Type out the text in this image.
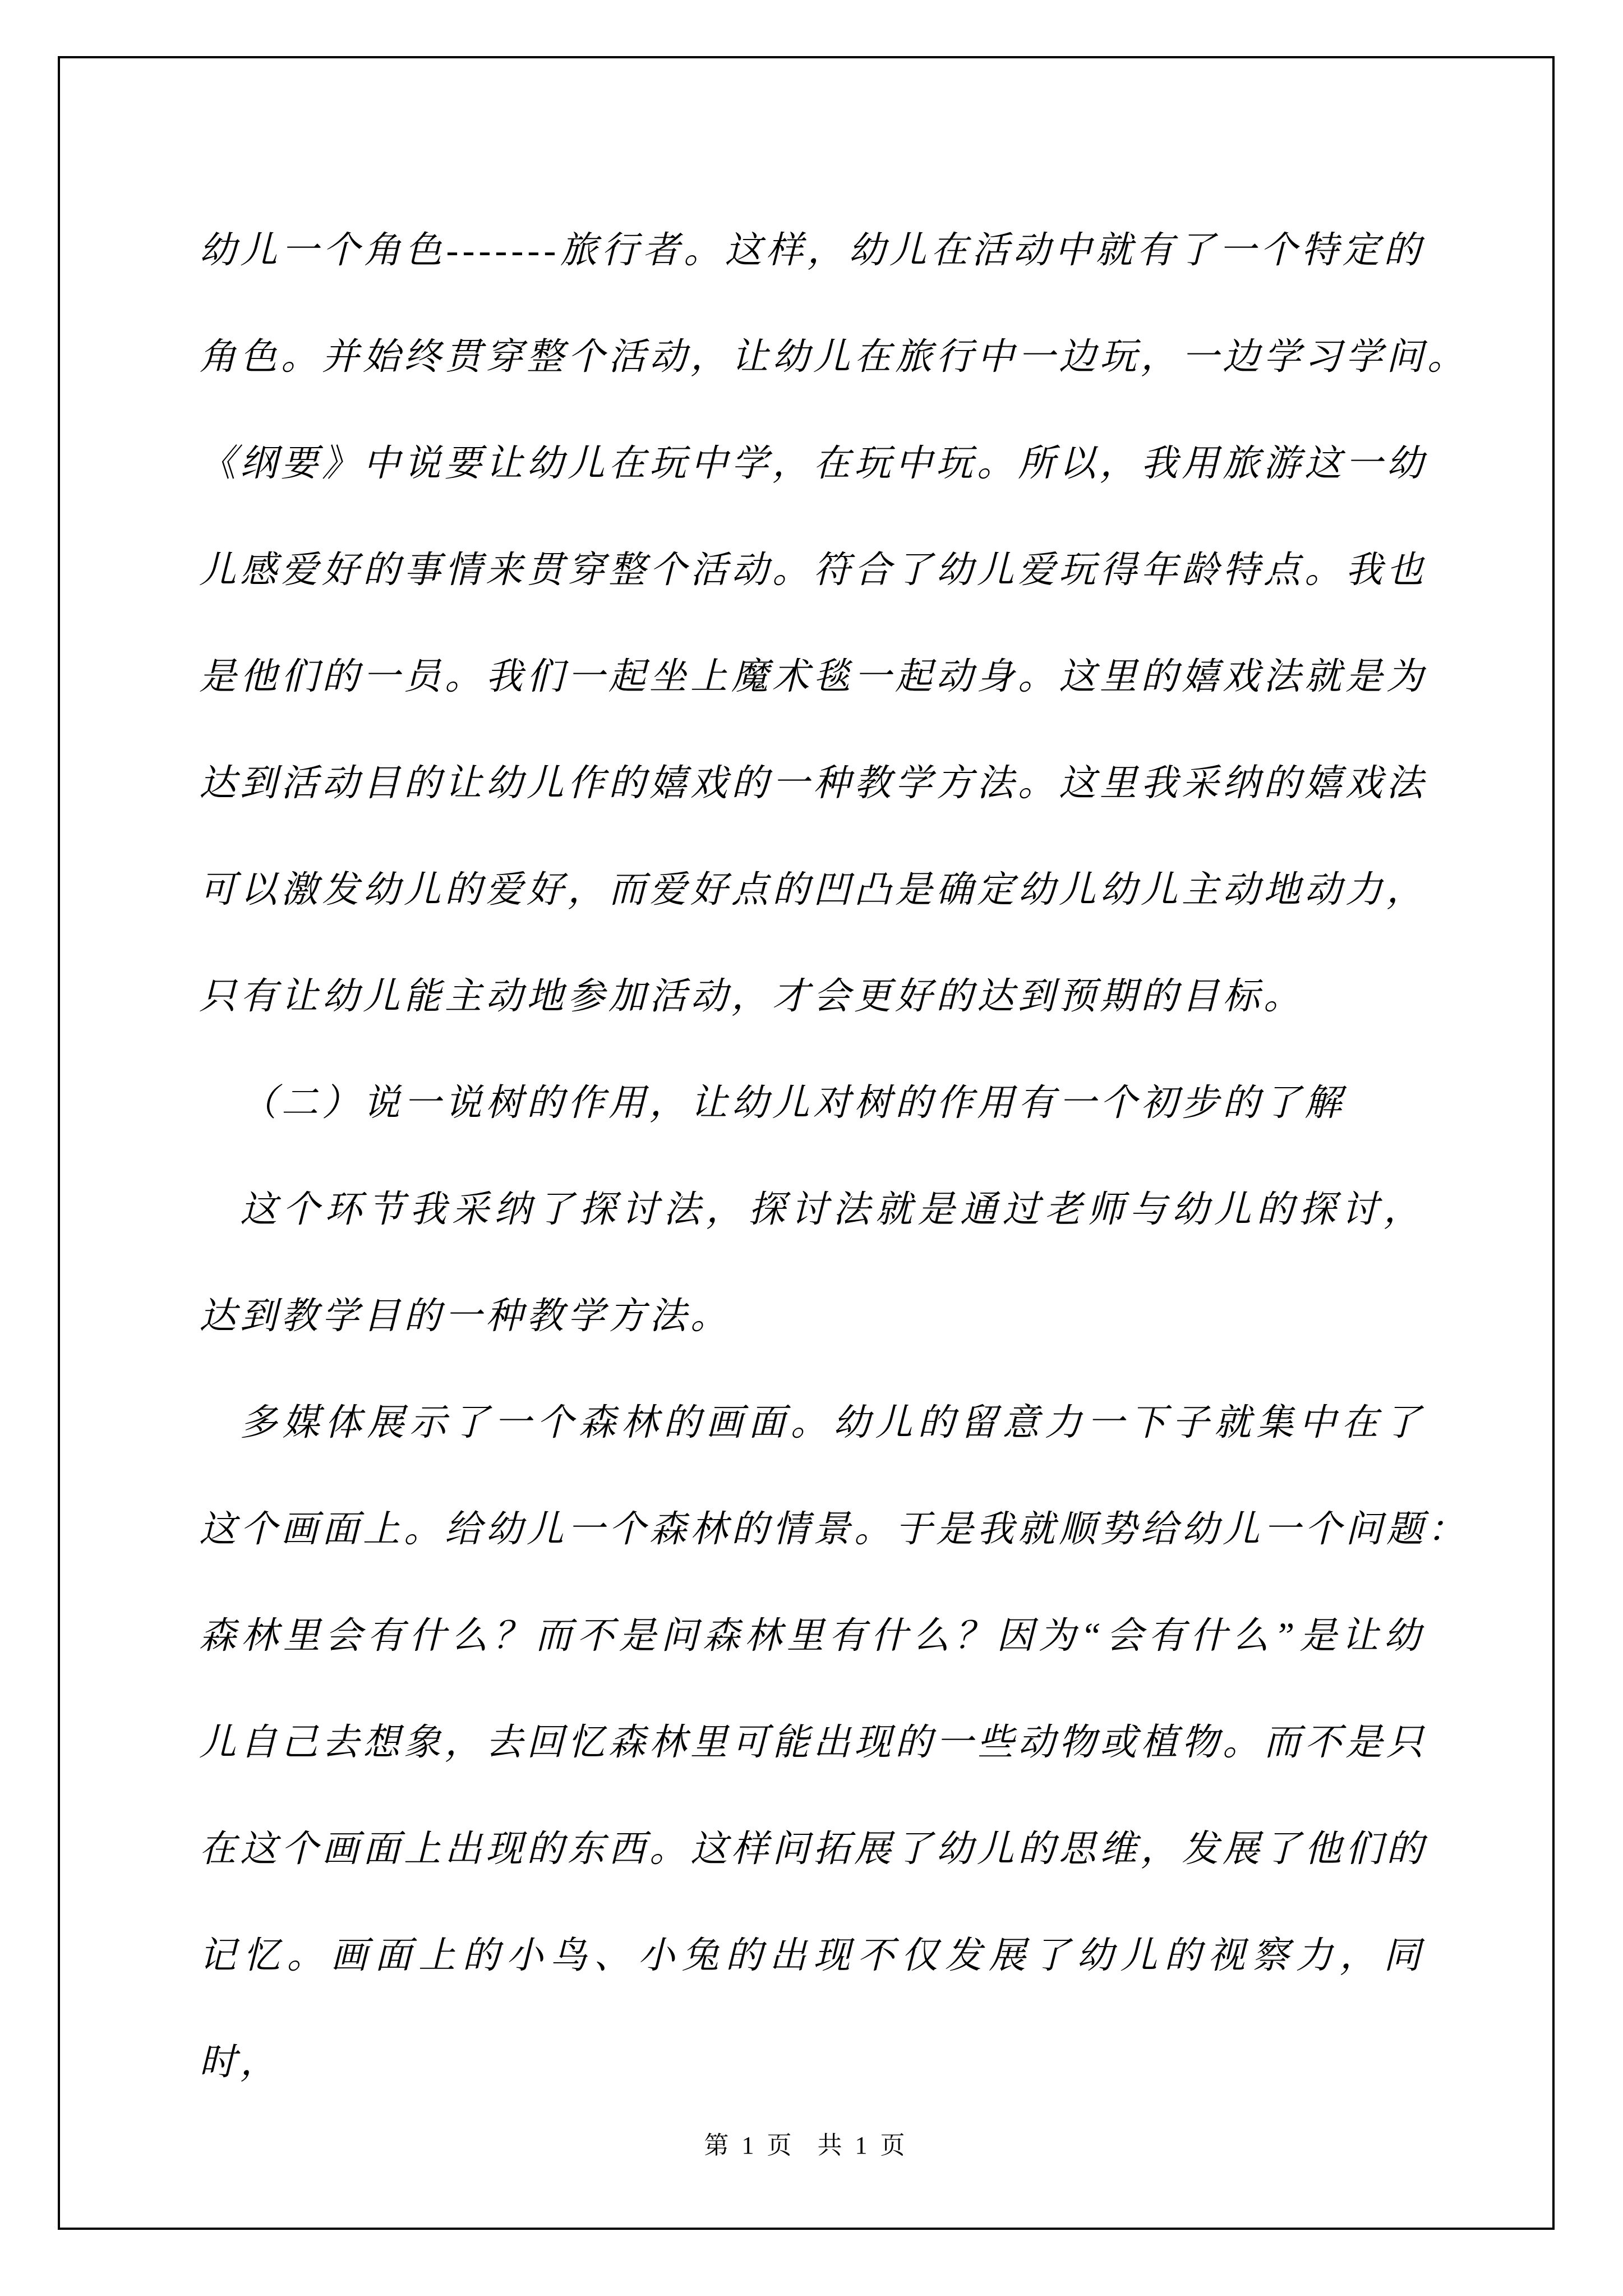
幼儿一个角色-------旅行者。这样，幼儿在活动中就有了一个特定的
角色。并始终贯穿整个活动，让幼儿在旅行中一边玩，一边学习学问。
《纲要》中说要让幼儿在玩中学，在玩中玩。所以，我用旅游这一幼
儿感爱好的事情来贯穿整个活动。符合了幼儿爱玩得年龄特点。我也
是他们的一员。我们一起坐上魔术毯一起动身。这里的嬉戏法就是为
达到活动目的让幼儿作的嬉戏的一种教学方法。这里我采纳的嬉戏法
可以激发幼儿的爱好，而爱好点的凹凸是确定幼儿幼儿主动地动力，
只有让幼儿能主动地参加活动，才会更好的达到预期的目标。
（二）说一说树的作用，让幼儿对树的作用有一个初步的了解
这个环节我采纳了探讨法，探讨法就是通过老师与幼儿的探讨，
达到教学目的一种教学方法。
多媒体展示了一个森林的画面。幼儿的留意力一下子就集中在了
这个画面上。给幼儿一个森林的情景。于是我就顺势给幼儿一个问题：
森林里会有什么？而不是问森林里有什么？因为“会有什么”是让幼
儿自己去想象，去回忆森林里可能出现的一些动物或植物。而不是只
在这个画面上出现的东西。这样问拓展了幼儿的思维，发展了他们的
记忆。画面上的小鸟、小兔的出现不仅发展了幼儿的视察力，同时，
第 1 页 共 1 页
